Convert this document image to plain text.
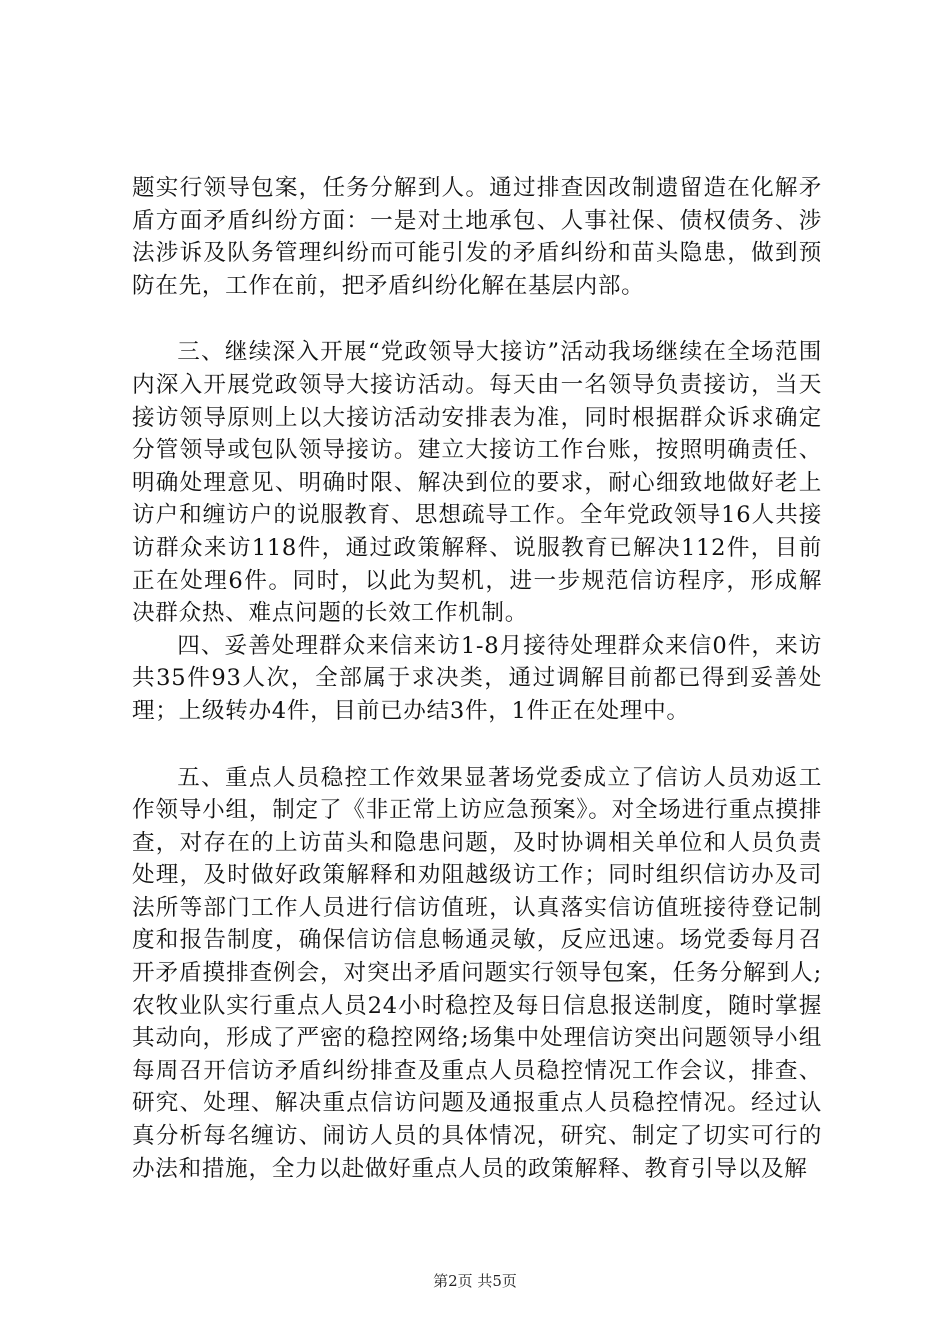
题实行领导包案，任务分解到人。通过排查因改制遗留造在化解矛盾方面矛盾纠纷方面：一是对土地承包、人事社保、债权债务、涉法涉诉及队务管理纠纷而可能引发的矛盾纠纷和苗头隐患，做到预防在先，工作在前，把矛盾纠纷化解在基层内部。

三、继续深入开展“党政领导大接访”活动我场继续在全场范围内深入开展党政领导大接访活动。每天由一名领导负责接访，当天接访领导原则上以大接访活动安排表为准，同时根据群众诉求确定分管领导或包队领导接访。建立大接访工作台账，按照明确责任、明确处理意见、明确时限、解决到位的要求，耐心细致地做好老上访户和缠访户的说服教育、思想疏导工作。全年党政领导16人共接访群众来访118件，通过政策解释、说服教育已解决112件，目前正在处理6件。同时，以此为契机，进一步规范信访程序，形成解决群众热、难点问题的长效工作机制。

四、妥善处理群众来信来访1-8月接待处理群众来信0件，来访共35件93人次，全部属于求决类，通过调解目前都已得到妥善处理；上级转办4件，目前已办结3件，1件正在处理中。

五、重点人员稳控工作效果显著场党委成立了信访人员劝返工作领导小组，制定了《非正常上访应急预案》。对全场进行重点摸排查，对存在的上访苗头和隐患问题，及时协调相关单位和人员负责处理，及时做好政策解释和劝阻越级访工作；同时组织信访办及司法所等部门工作人员进行信访值班，认真落实信访值班接待登记制度和报告制度，确保信访信息畅通灵敏，反应迅速。场党委每月召开矛盾摸排查例会，对突出矛盾问题实行领导包案，任务分解到人;农牧业队实行重点人员24小时稳控及每日信息报送制度，随时掌握其动向，形成了严密的稳控网络;场集中处理信访突出问题领导小组每周召开信访矛盾纠纷排查及重点人员稳控情况工作会议，排查、研究、处理、解决重点信访问题及通报重点人员稳控情况。经过认真分析每名缠访、闹访人员的具体情况，研究、制定了切实可行的办法和措施，全力以赴做好重点人员的政策解释、教育引导以及解

第2页 共5页
